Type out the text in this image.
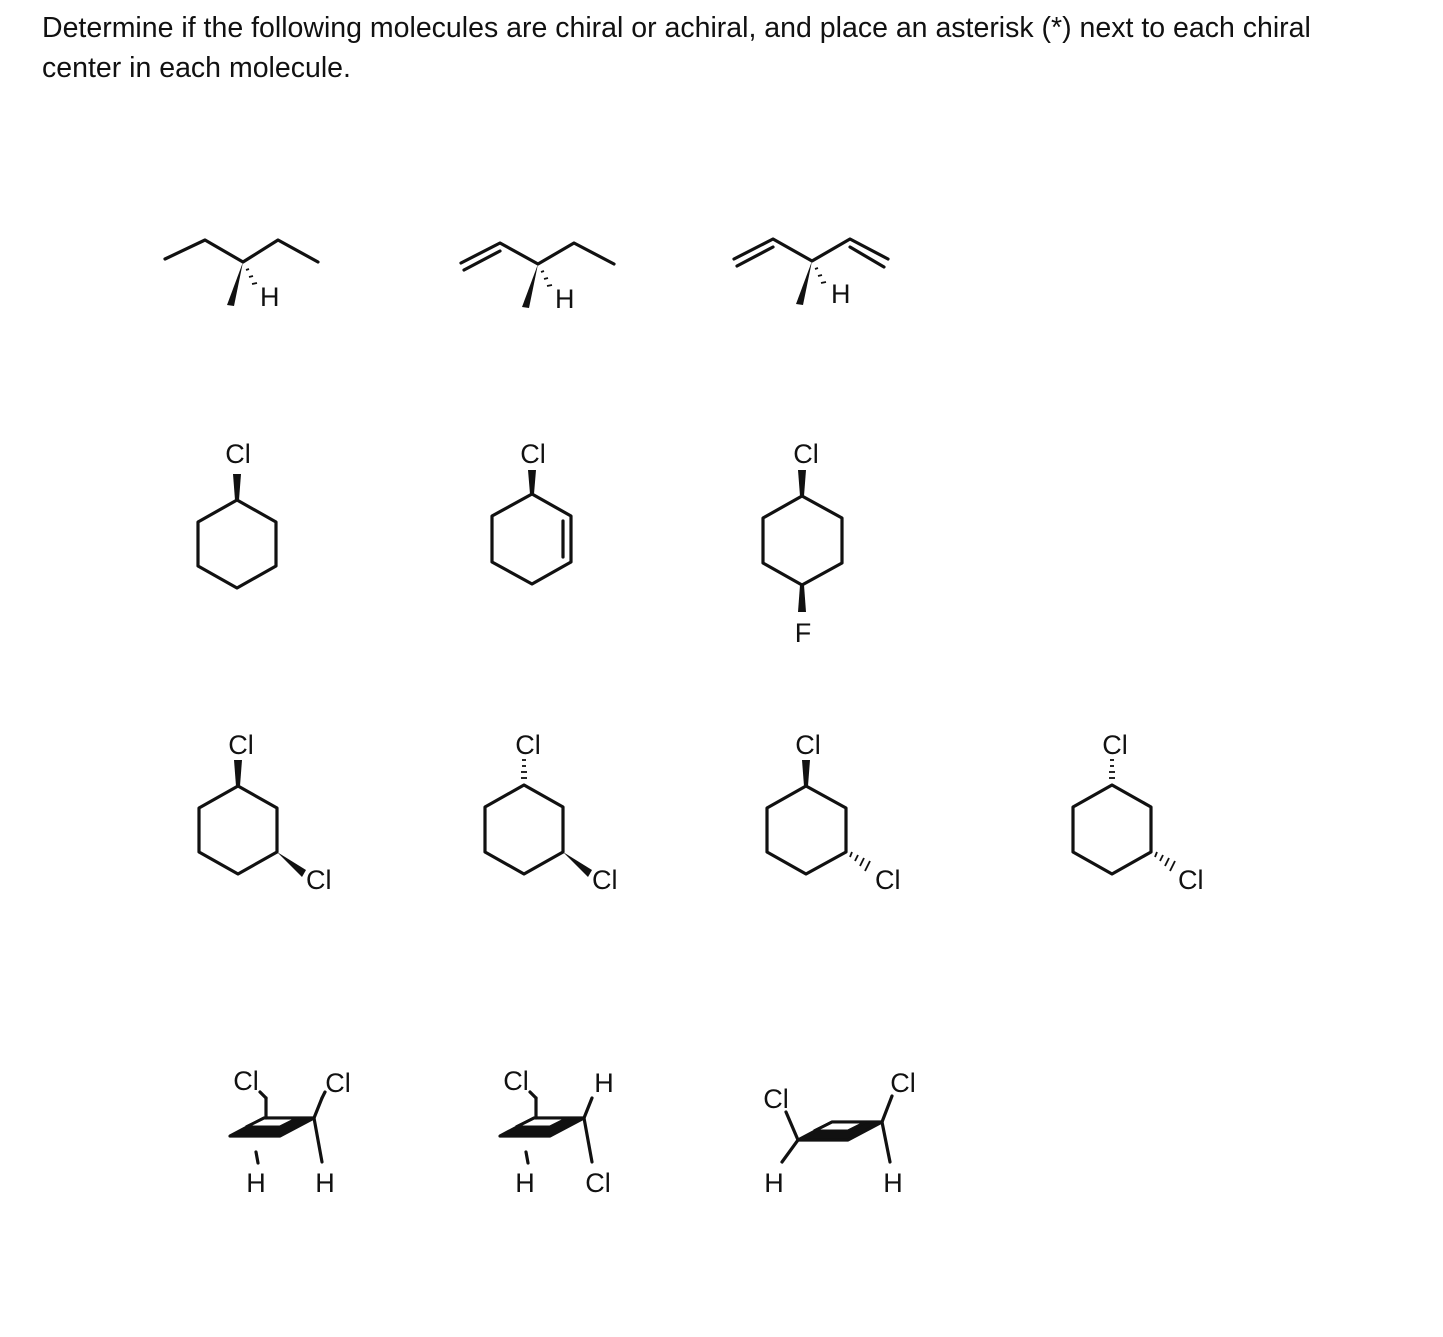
Determine if the following molecules are chiral or achiral, and place an asterisk (*) next to each chiral center in each molecule.

H	H	H
Cl	Cl	Cl
F
Cl
Cl
Cl
Cl
Cl
Cl
Cl
Cl
Cl Cl
H H
Cl H
H Cl
Cl
Cl
H	H
